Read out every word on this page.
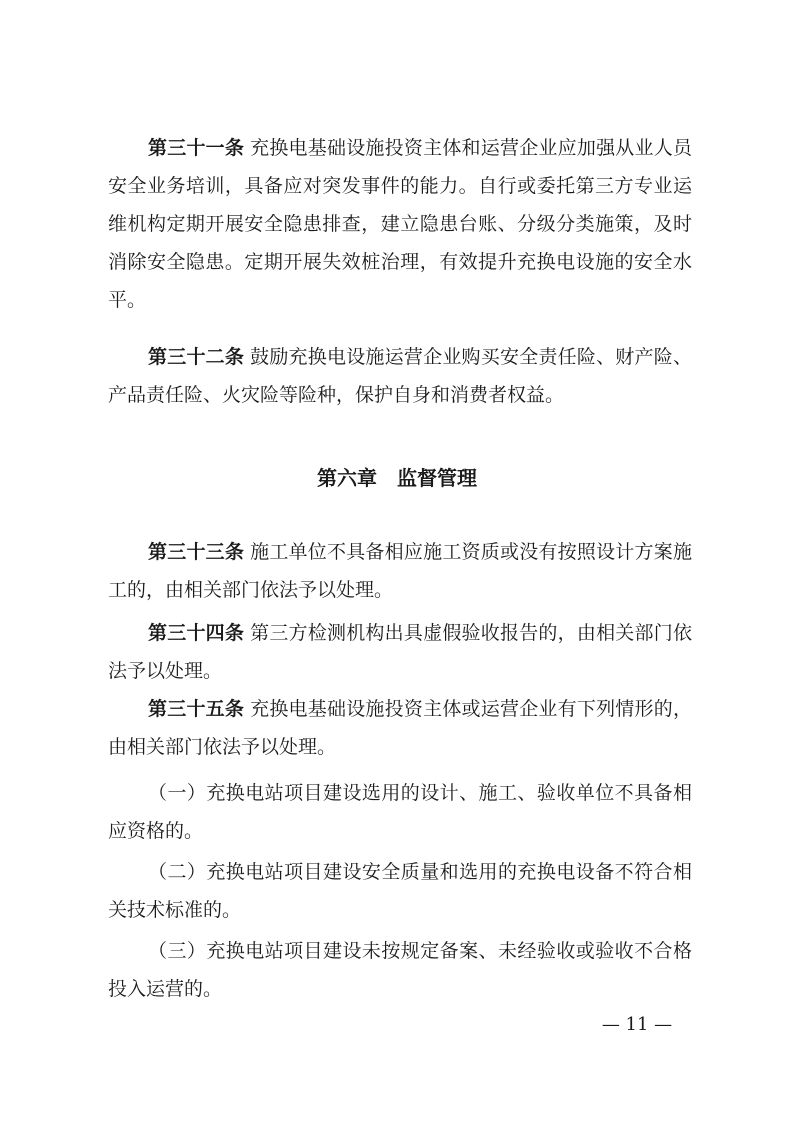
第三十一条 充换电基础设施投资主体和运营企业应加强从业人员安全业务培训，具备应对突发事件的能力。自行或委托第三方专业运维机构定期开展安全隐患排查，建立隐患台账、分级分类施策，及时消除安全隐患。定期开展失效桩治理，有效提升充换电设施的安全水平。

第三十二条 鼓励充换电设施运营企业购买安全责任险、财产险、产品责任险、火灾险等险种，保护自身和消费者权益。

第六章　监督管理

第三十三条 施工单位不具备相应施工资质或没有按照设计方案施工的，由相关部门依法予以处理。

第三十四条 第三方检测机构出具虚假验收报告的，由相关部门依法予以处理。

第三十五条 充换电基础设施投资主体或运营企业有下列情形的，由相关部门依法予以处理。

（一）充换电站项目建设选用的设计、施工、验收单位不具备相应资格的。

（二）充换电站项目建设安全质量和选用的充换电设备不符合相关技术标准的。

（三）充换电站项目建设未按规定备案、未经验收或验收不合格投入运营的。

— 11 —
